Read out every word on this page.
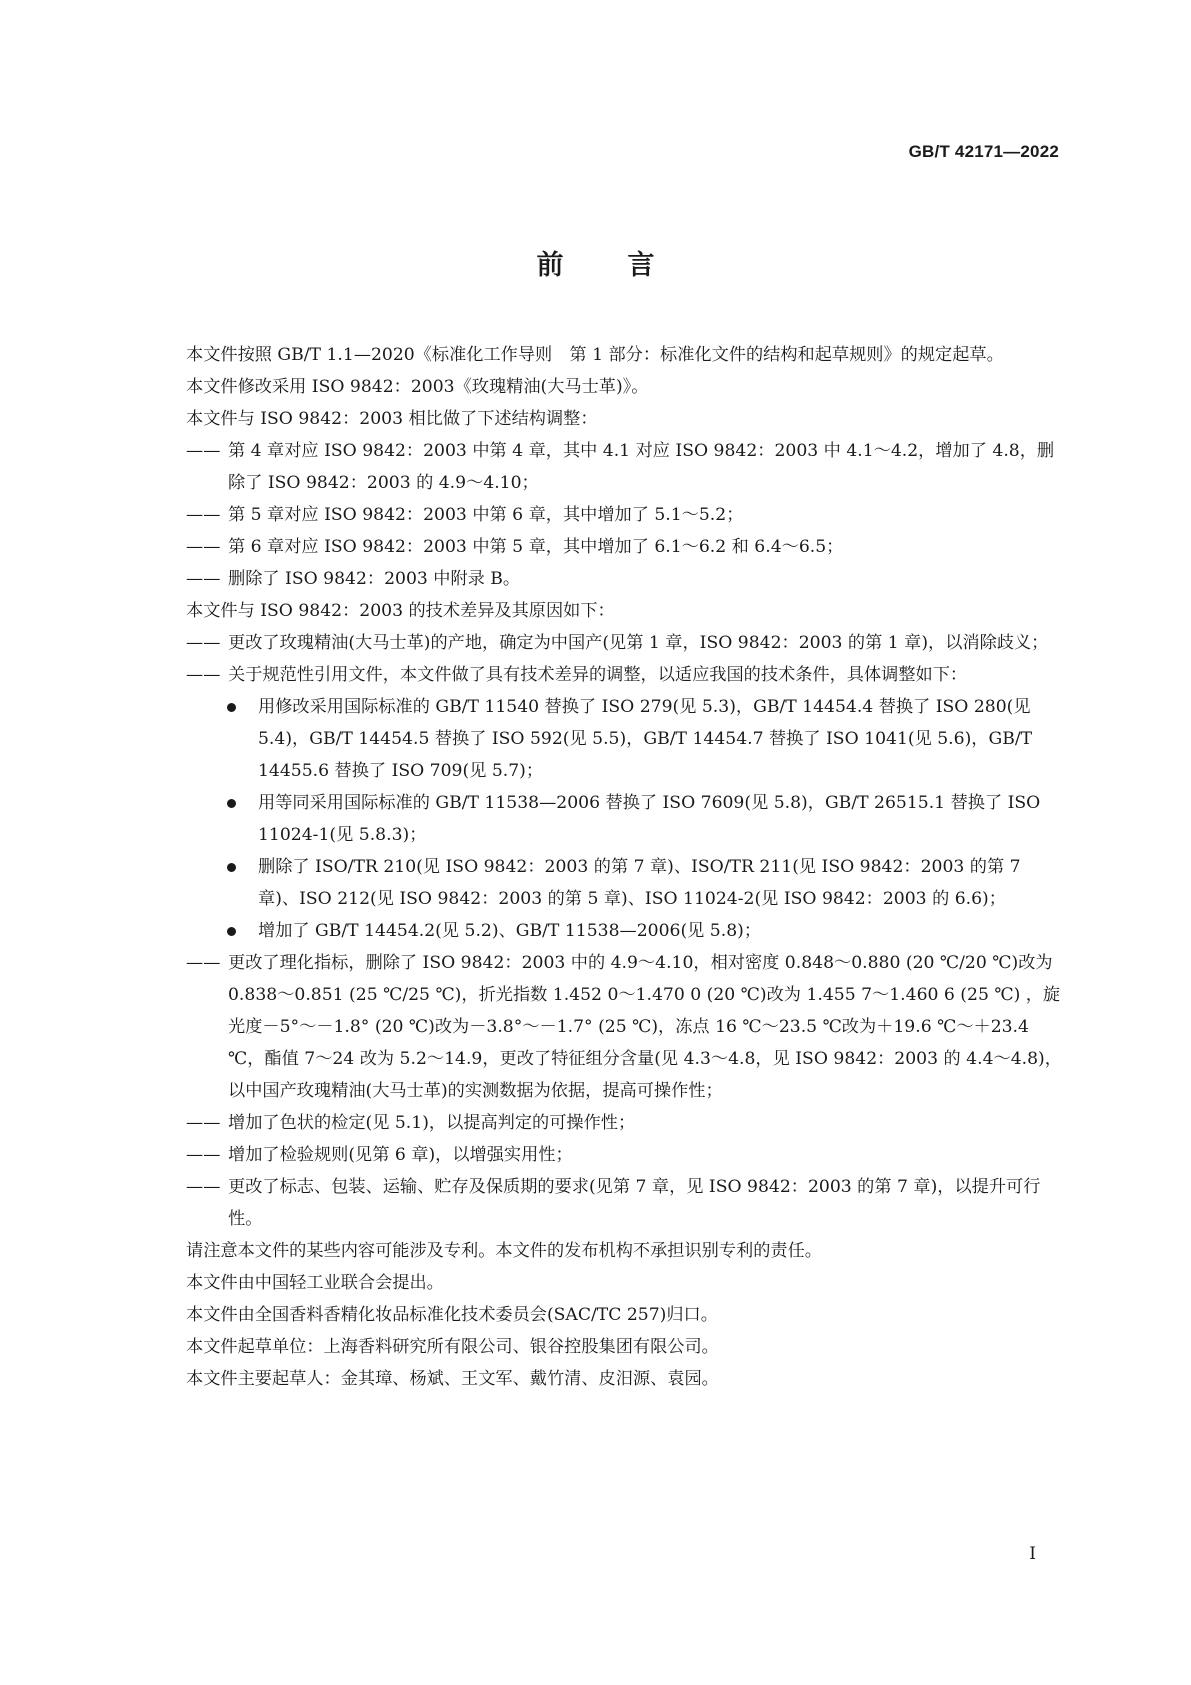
GB/T 42171—2022
前 言

本文件按照 GB/T 1.1—2020《标准化工作导则　第 1 部分：标准化文件的结构和起草规则》的规定起草。

本文件修改采用 ISO 9842：2003《玫瑰精油(大马士革)》。

本文件与 ISO 9842：2003 相比做了下述结构调整：

—— 第 4 章对应 ISO 9842：2003 中第 4 章，其中 4.1 对应 ISO 9842：2003 中 4.1～4.2，增加了 4.8，删除了 ISO 9842：2003 的 4.9～4.10；

—— 第 5 章对应 ISO 9842：2003 中第 6 章，其中增加了 5.1～5.2；

—— 第 6 章对应 ISO 9842：2003 中第 5 章，其中增加了 6.1～6.2 和 6.4～6.5；

—— 删除了 ISO 9842：2003 中附录 B。

本文件与 ISO 9842：2003 的技术差异及其原因如下：

—— 更改了玫瑰精油(大马士革)的产地，确定为中国产(见第 1 章，ISO 9842：2003 的第 1 章)，以消除歧义；

—— 关于规范性引用文件，本文件做了具有技术差异的调整，以适应我国的技术条件，具体调整如下：

用修改采用国际标准的 GB/T 11540 替换了 ISO 279(见 5.3)，GB/T 14454.4 替换了 ISO 280(见 5.4)，GB/T 14454.5 替换了 ISO 592(见 5.5)，GB/T 14454.7 替换了 ISO 1041(见 5.6)，GB/T 14455.6 替换了 ISO 709(见 5.7)；

用等同采用国际标准的 GB/T 11538—2006 替换了 ISO 7609(见 5.8)，GB/T 26515.1 替换了 ISO 11024-1(见 5.8.3)；

删除了 ISO/TR 210(见 ISO 9842：2003 的第 7 章)、ISO/TR 211(见 ISO 9842：2003 的第 7 章)、ISO 212(见 ISO 9842：2003 的第 5 章)、ISO 11024-2(见 ISO 9842：2003 的 6.6)；

增加了 GB/T 14454.2(见 5.2)、GB/T 11538—2006(见 5.8)；

—— 更改了理化指标，删除了 ISO 9842：2003 中的 4.9～4.10，相对密度 0.848～0.880 (20 ℃/20 ℃)改为 0.838～0.851 (25 ℃/25 ℃)，折光指数 1.452 0～1.470 0 (20 ℃)改为 1.455 7～1.460 6 (25 ℃) ，旋光度－5°～－1.8° (20 ℃)改为－3.8°～－1.7° (25 ℃)，冻点 16 ℃～23.5 ℃改为＋19.6 ℃～＋23.4 ℃，酯值 7～24 改为 5.2～14.9，更改了特征组分含量(见 4.3～4.8，见 ISO 9842：2003 的 4.4～4.8)，以中国产玫瑰精油(大马士革)的实测数据为依据，提高可操作性；

—— 增加了色状的检定(见 5.1)，以提高判定的可操作性；

—— 增加了检验规则(见第 6 章)，以增强实用性；

—— 更改了标志、包装、运输、贮存及保质期的要求(见第 7 章，见 ISO 9842：2003 的第 7 章)，以提升可行性。

请注意本文件的某些内容可能涉及专利。本文件的发布机构不承担识别专利的责任。

本文件由中国轻工业联合会提出。

本文件由全国香料香精化妆品标准化技术委员会(SAC/TC 257)归口。

本文件起草单位：上海香料研究所有限公司、银谷控股集团有限公司。

本文件主要起草人：金其璋、杨斌、王文军、戴竹清、皮汨源、袁园。

I
